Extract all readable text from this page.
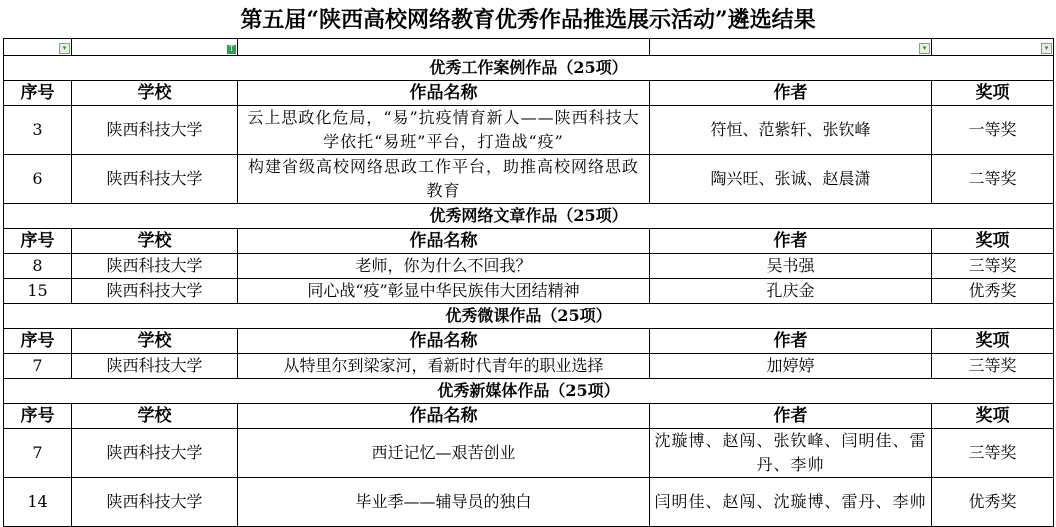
第五届“陕西高校网络教育优秀作品推选展示活动”遴选结果
▾	T		▾	▾

优秀工作案例作品（25项）				
序号	学校	作品名称	作者	奖项
3	陕西科技大学	云上思政化危局，“易”抗疫情育新人——陕西科技大学依托“易班”平台，打造战“疫”	符恒、范紫轩、张钦峰	一等奖
6	陕西科技大学	构建省级高校网络思政工作平台，助推高校网络思政教育	陶兴旺、张诚、赵晨潇	二等奖
优秀网络文章作品（25项）				
序号	学校	作品名称	作者	奖项
8	陕西科技大学	老师，你为什么不回我？	吴书强	三等奖
15	陕西科技大学	同心战“疫”彰显中华民族伟大团结精神	孔庆金	优秀奖
优秀微课作品（25项）				
序号	学校	作品名称	作者	奖项
7	陕西科技大学	从特里尔到梁家河，看新时代青年的职业选择	加婷婷	三等奖
优秀新媒体作品（25项）				
序号	学校	作品名称	作者	奖项
7	陕西科技大学	西迁记忆—艰苦创业	沈璇博、赵闯、张钦峰、闫明佳、雷丹、李帅	三等奖
14	陕西科技大学	毕业季——辅导员的独白	闫明佳、赵闯、沈璇博、雷丹、李帅	优秀奖
